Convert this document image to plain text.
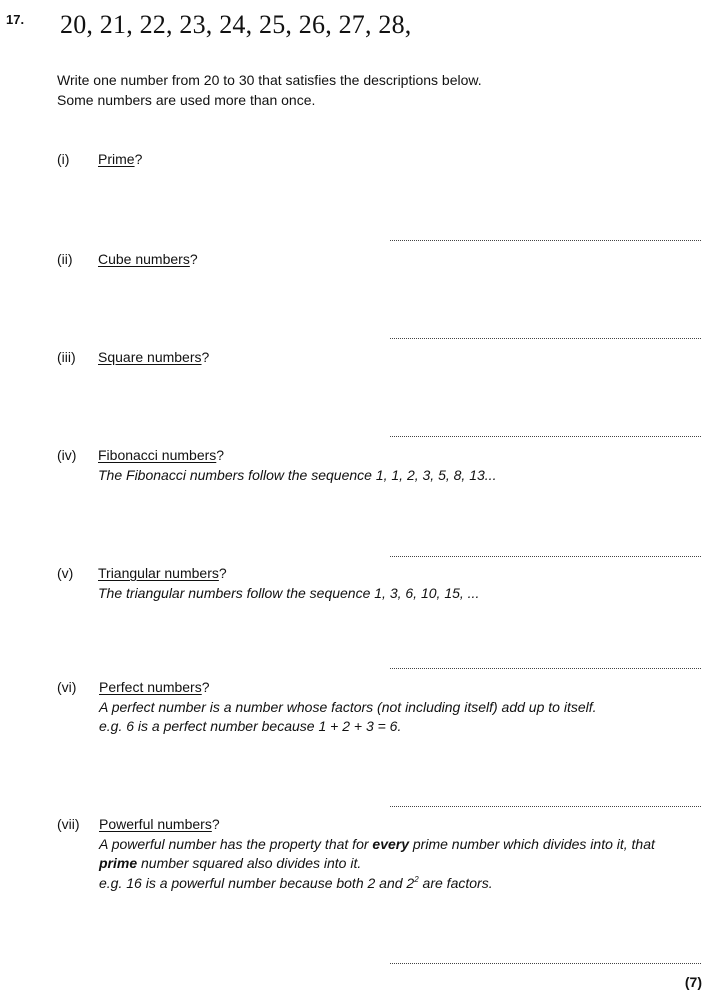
17. 20, 21, 22, 23, 24, 25, 26, 27, 28,
Write one number from 20 to 30 that satisfies the descriptions below.
Some numbers are used more than once.
(i) Prime?
(ii) Cube numbers?
(iii) Square numbers?
(iv) Fibonacci numbers?
The Fibonacci numbers follow the sequence 1, 1, 2, 3, 5, 8, 13...
(v) Triangular numbers?
The triangular numbers follow the sequence 1, 3, 6, 10, 15, ...
(vi) Perfect numbers?
A perfect number is a number whose factors (not including itself) add up to itself.
e.g. 6 is a perfect number because 1 + 2 + 3 = 6.
(vii) Powerful numbers?
A powerful number has the property that for every prime number which divides into it, that
prime number squared also divides into it.
e.g. 16 is a powerful number because both 2 and $2^2$ are factors.
(7)
